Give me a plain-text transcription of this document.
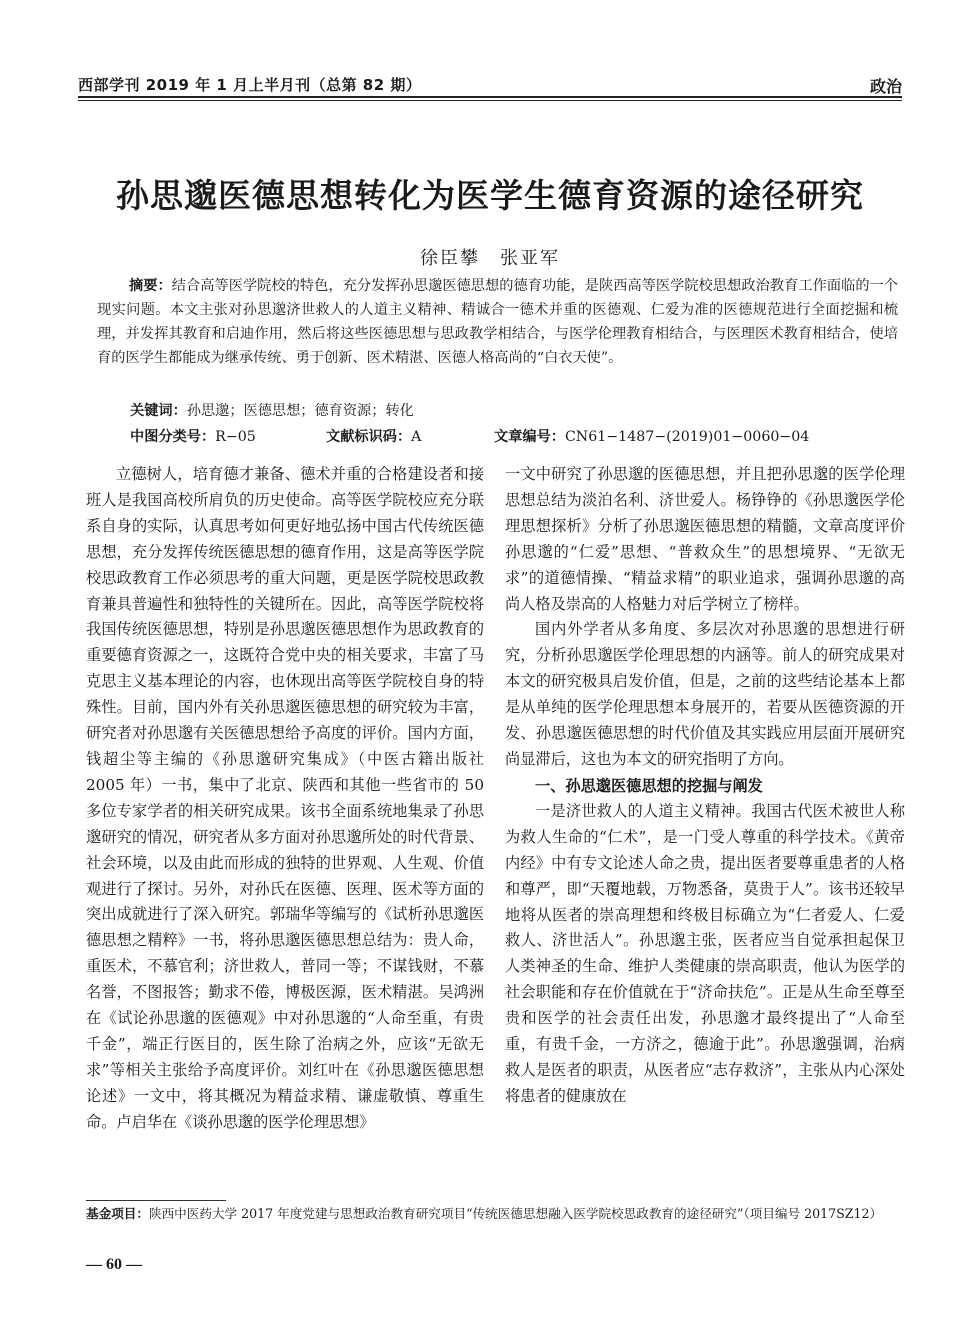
西部学刊 2019 年 1 月上半月刊（总第 82 期）	政治
孙思邈医德思想转化为医学生德育资源的途径研究
徐臣攀　张亚军
摘要：结合高等医学院校的特色，充分发挥孙思邈医德思想的德育功能，是陕西高等医学院校思想政治教育工作面临的一个现实问题。本文主张对孙思邈济世救人的人道主义精神、精诚合一德术并重的医德观、仁爱为准的医德规范进行全面挖掘和梳理，并发挥其教育和启迪作用，然后将这些医德思想与思政教学相结合，与医学伦理教育相结合，与医理医术教育相结合，使培育的医学生都能成为继承传统、勇于创新、医术精湛、医德人格高尚的“白衣天使”。
关键词：孙思邈；医德思想；德育资源；转化
中图分类号：R−05	文献标识码：A	文章编号：CN61−1487−(2019)01−0060−04

立德树人，培育德才兼备、德术并重的合格建设者和接班人是我国高校所肩负的历史使命。高等医学院校应充分联系自身的实际，认真思考如何更好地弘扬中国古代传统医德思想，充分发挥传统医德思想的德育作用，这是高等医学院校思政教育工作必须思考的重大问题，更是医学院校思政教育兼具普遍性和独特性的关键所在。因此，高等医学院校将我国传统医德思想，特别是孙思邈医德思想作为思政教育的重要德育资源之一，这既符合党中央的相关要求，丰富了马克思主义基本理论的内容，也休现出高等医学院校自身的特殊性。目前，国内外有关孙思邈医德思想的研究较为丰富，研究者对孙思邈有关医德思想给予高度的评价。国内方面，钱超尘等主编的《孙思邈研究集成》（中医古籍出版社 2005 年）一书，集中了北京、陕西和其他一些省市的 50 多位专家学者的相关研究成果。该书全面系统地集录了孙思邈研究的情况，研究者从多方面对孙思邈所处的时代背景、社会环境，以及由此而形成的独特的世界观、人生观、价值观进行了探讨。另外，对孙氏在医德、医理、医术等方面的突出成就进行了深入研究。郭瑞华等编写的《试析孙思邈医德思想之精粹》一书，将孙思邈医德思想总结为：贵人命，重医术，不慕官利；济世救人，普同一等；不谋钱财，不慕名誉，不图报答；勤求不倦，博极医源，医术精湛。吴鸿洲在《试论孙思邈的医德观》中对孙思邈的“人命至重，有贵千金”，端正行医目的，医生除了治病之外，应该“无欲无求”等相关主张给予高度评价。刘红叶在《孙思邈医德思想论述》一文中，将其概况为精益求精、谦虚敬慎、尊重生命。卢启华在《谈孙思邈的医学伦理思想》

一文中研究了孙思邈的医德思想，并且把孙思邈的医学伦理思想总结为淡泊名利、济世爱人。杨铮铮的《孙思邈医学伦理思想探析》分析了孙思邈医德思想的精髓，文章高度评价孙思邈的“仁爱”思想、“普救众生”的思想境界、“无欲无求”的道德情操、“精益求精”的职业追求，强调孙思邈的高尚人格及崇高的人格魅力对后学树立了榜样。

国内外学者从多角度、多层次对孙思邈的思想进行研究，分析孙思邈医学伦理思想的内涵等。前人的研究成果对本文的研究极具启发价值，但是，之前的这些结论基本上都是从单纯的医学伦理思想本身展开的，若要从医德资源的开发、孙思邈医德思想的时代价值及其实践应用层面开展研究尚显滞后，这也为本文的研究指明了方向。

一、孙思邈医德思想的挖掘与阐发

一是济世救人的人道主义精神。我国古代医术被世人称为救人生命的“仁术”，是一门受人尊重的科学技术。《黄帝内经》中有专文论述人命之贵，提出医者要尊重患者的人格和尊严，即“天覆地载，万物悉备，莫贵于人”。该书还较早地将从医者的崇高理想和终极目标确立为“仁者爱人、仁爱救人、济世活人”。孙思邈主张，医者应当自觉承担起保卫人类神圣的生命、维护人类健康的崇高职责，他认为医学的社会职能和存在价值就在于“济命扶危”。正是从生命至尊至贵和医学的社会责任出发，孙思邈才最终提出了“人命至重，有贵千金，一方济之，德逾于此”。孙思邈强调，治病救人是医者的职责，从医者应“志存救济”，主张从内心深处将患者的健康放在

基金项目：陕西中医药大学 2017 年度党建与思想政治教育研究项目“传统医德思想融入医学院校思政教育的途径研究”（项目编号 2017SZ12）
— 60 —
